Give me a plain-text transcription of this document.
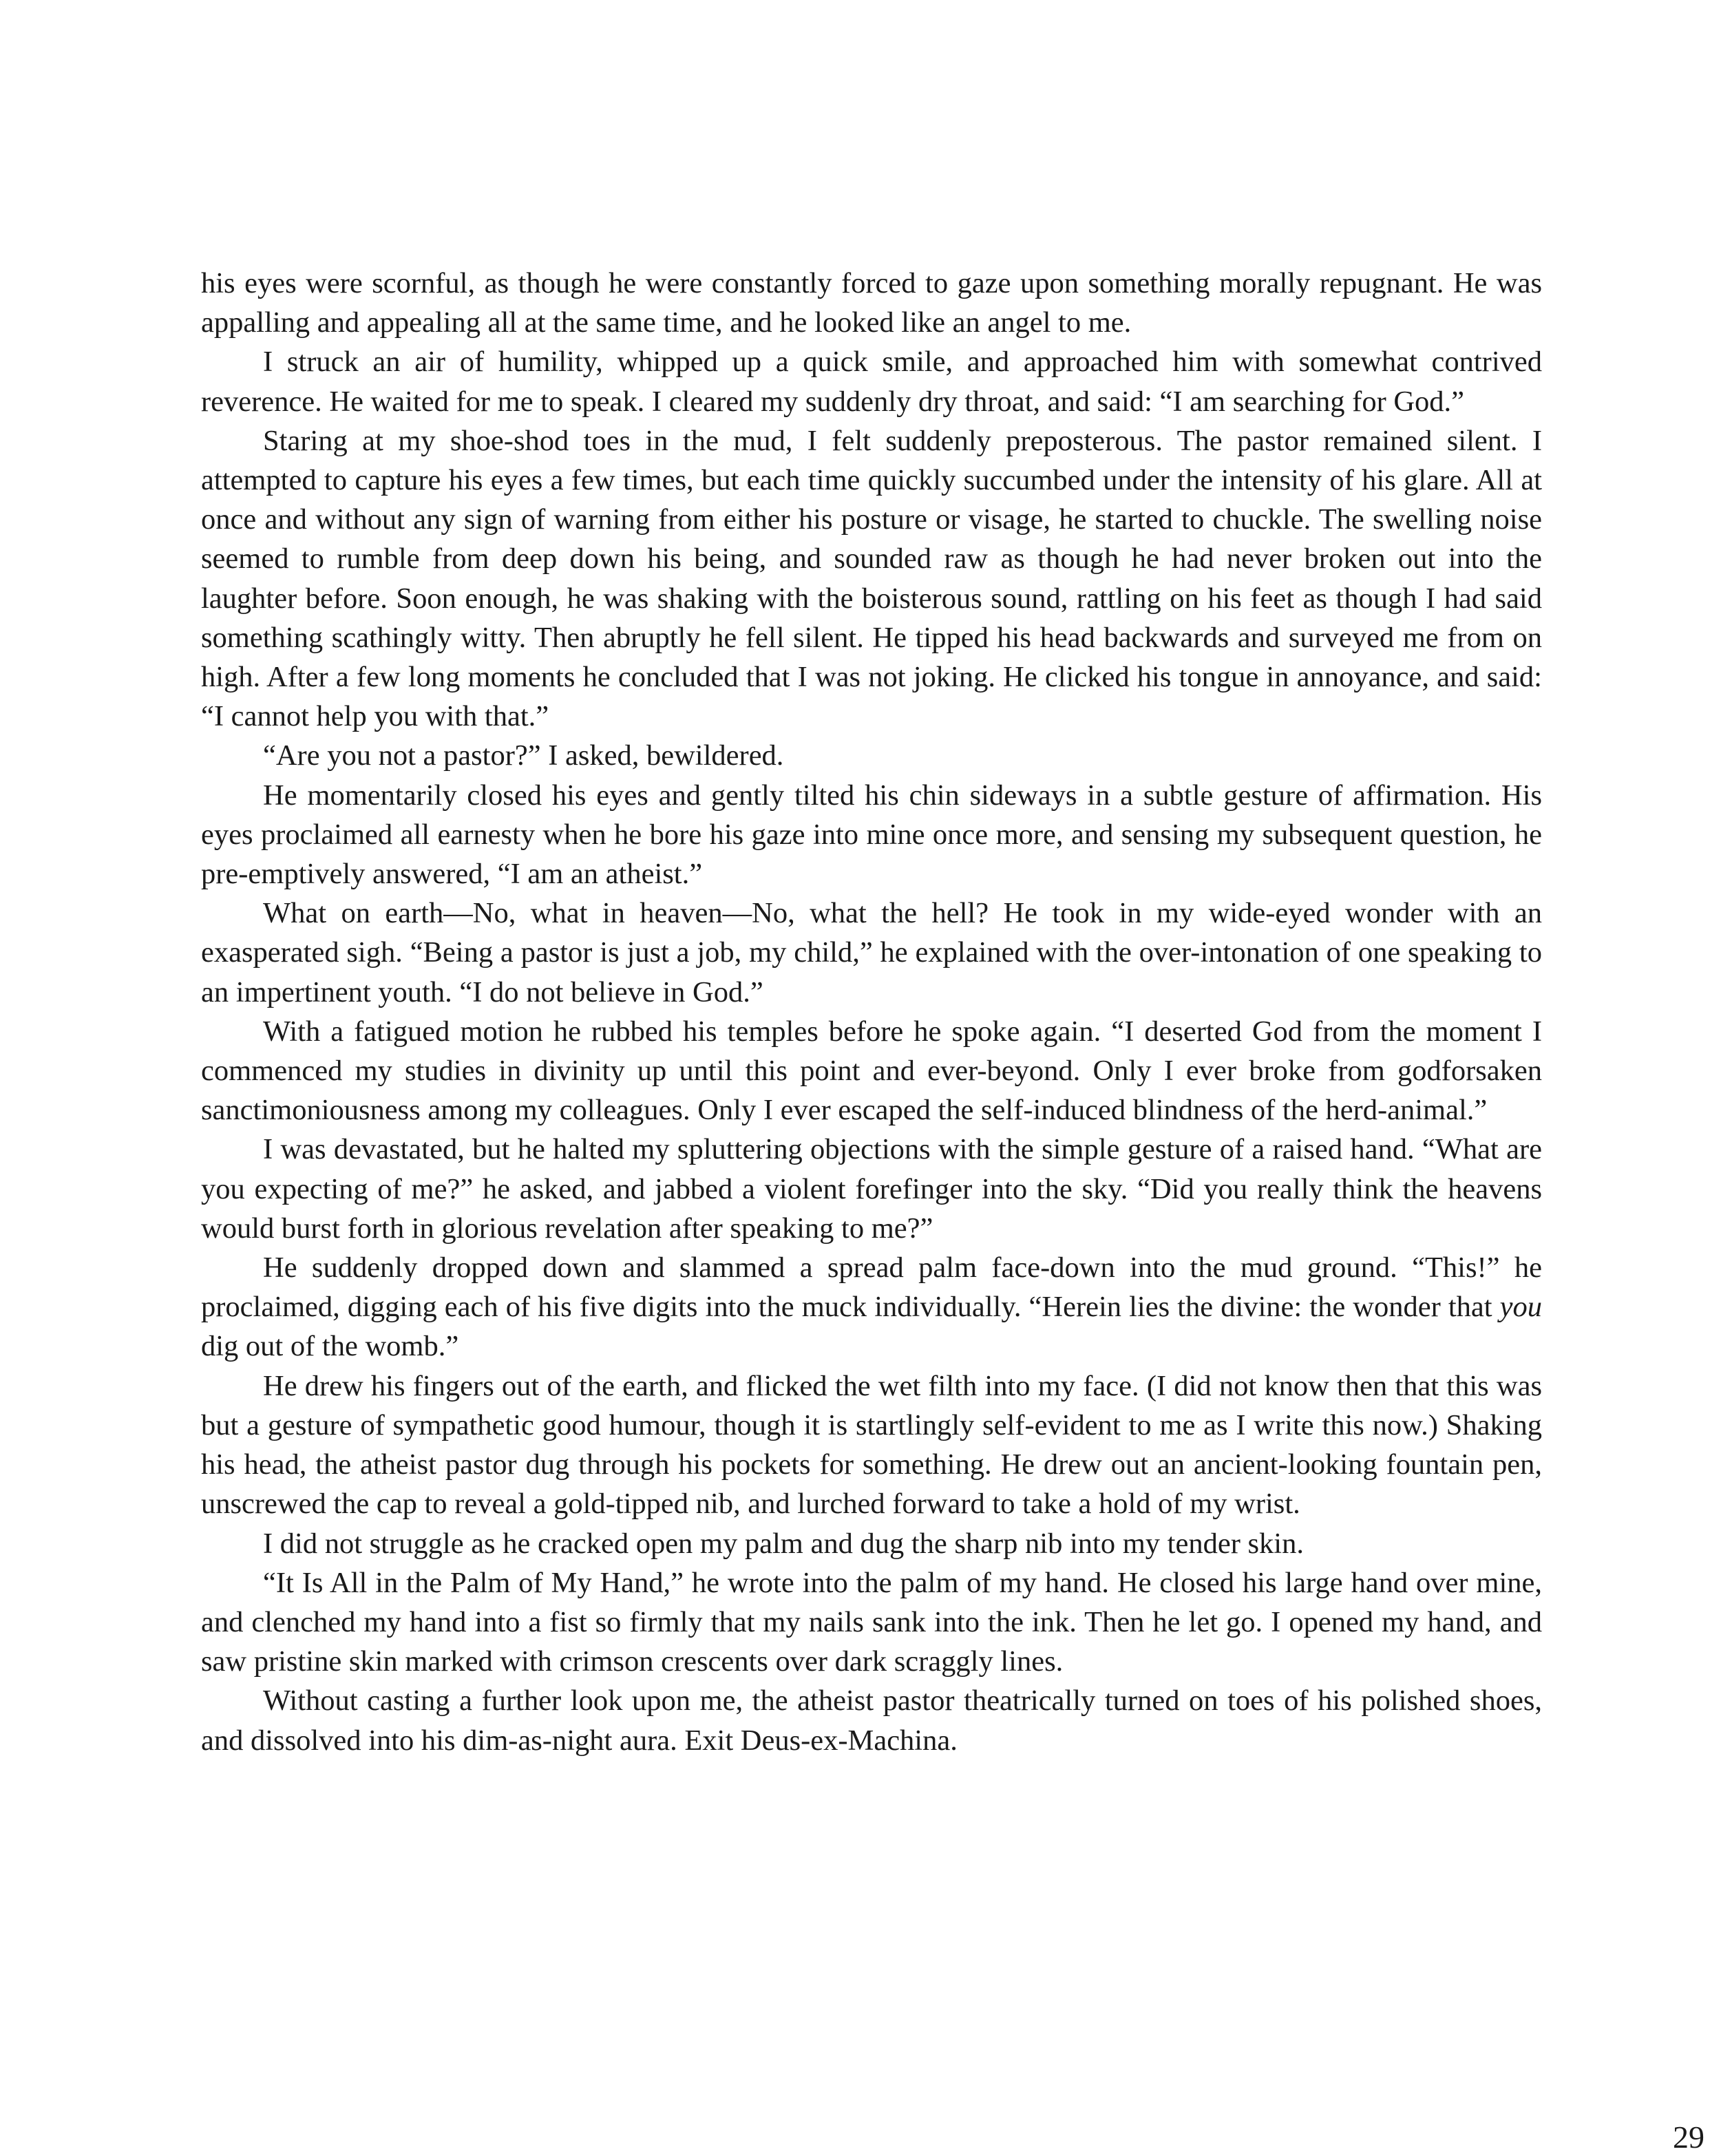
his eyes were scornful, as though he were constantly forced to gaze upon something morally repugnant. He was appalling and appealing all at the same time, and he looked like an angel to me.

I struck an air of humility, whipped up a quick smile, and approached him with somewhat contrived reverence. He waited for me to speak. I cleared my suddenly dry throat, and said: “I am searching for God.”

Staring at my shoe-shod toes in the mud, I felt suddenly preposterous. The pastor remained silent. I attempted to capture his eyes a few times, but each time quickly succumbed under the intensity of his glare. All at once and without any sign of warning from either his posture or visage, he started to chuckle. The swelling noise seemed to rumble from deep down his being, and sounded raw as though he had never broken out into the laughter before. Soon enough, he was shaking with the boisterous sound, rattling on his feet as though I had said something scathingly witty. Then abruptly he fell silent. He tipped his head backwards and surveyed me from on high. After a few long moments he concluded that I was not joking. He clicked his tongue in annoyance, and said: “I cannot help you with that.”

“Are you not a pastor?” I asked, bewildered.

He momentarily closed his eyes and gently tilted his chin sideways in a subtle gesture of affirmation. His eyes proclaimed all earnesty when he bore his gaze into mine once more, and sensing my subsequent question, he pre-emptively answered, “I am an atheist.”

What on earth—No, what in heaven—No, what the hell? He took in my wide-eyed wonder with an exasperated sigh. “Being a pastor is just a job, my child,” he explained with the over-intonation of one speaking to an impertinent youth. “I do not believe in God.”

With a fatigued motion he rubbed his temples before he spoke again. “I deserted God from the moment I commenced my studies in divinity up until this point and ever-beyond. Only I ever broke from godforsaken sanctimoniousness among my colleagues. Only I ever escaped the self-induced blindness of the herd-animal.”

I was devastated, but he halted my spluttering objections with the simple gesture of a raised hand. “What are you expecting of me?” he asked, and jabbed a violent forefinger into the sky. “Did you really think the heavens would burst forth in glorious revelation after speaking to me?”

He suddenly dropped down and slammed a spread palm face-down into the mud ground. “This!” he proclaimed, digging each of his five digits into the muck individually. “Herein lies the divine: the wonder that you dig out of the womb.”

He drew his fingers out of the earth, and flicked the wet filth into my face. (I did not know then that this was but a gesture of sympathetic good humour, though it is startlingly self-evident to me as I write this now.) Shaking his head, the atheist pastor dug through his pockets for something. He drew out an ancient-looking fountain pen, unscrewed the cap to reveal a gold-tipped nib, and lurched forward to take a hold of my wrist.

I did not struggle as he cracked open my palm and dug the sharp nib into my tender skin.

“It Is All in the Palm of My Hand,” he wrote into the palm of my hand. He closed his large hand over mine, and clenched my hand into a fist so firmly that my nails sank into the ink. Then he let go. I opened my hand, and saw pristine skin marked with crimson crescents over dark scraggly lines.

Without casting a further look upon me, the atheist pastor theatrically turned on toes of his polished shoes, and dissolved into his dim-as-night aura. Exit Deus-ex-Machina.

29
